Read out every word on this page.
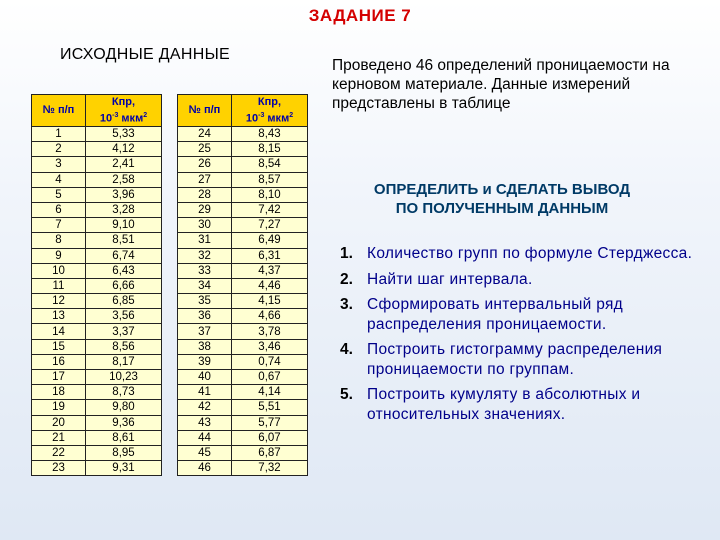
ЗАДАНИЕ 7
ИСХОДНЫЕ ДАННЫЕ
№ п/п	Кпр,
$10^{-3}$ мкм$^2$
1	5,33
2	4,12
3	2,41
4	2,58
5	3,96
6	3,28
7	9,10
8	8,51
9	6,74
10	6,43
11	6,66
12	6,85
13	3,56
14	3,37
15	8,56
16	8,17
17	10,23
18	8,73
19	9,80
20	9,36
21	8,61
22	8,95
23	9,31
№ п/п	Кпр,
$10^{-3}$ мкм$^2$
24	8,43
25	8,15
26	8,54
27	8,57
28	8,10
29	7,42
30	7,27
31	6,49
32	6,31
33	4,37
34	4,46
35	4,15
36	4,66
37	3,78
38	3,46
39	0,74
40	0,67
41	4,14
42	5,51
43	5,77
44	6,07
45	6,87
46	7,32
Проведено 46 определений проницаемости на керновом материале. Данные измерений представлены в таблице
ОПРЕДЕЛИТЬ и СДЕЛАТЬ ВЫВОД
ПО ПОЛУЧЕННЫМ ДАННЫМ
1. Количество групп по формуле Стерджесса.
2. Найти шаг интервала.
3. Сформировать интервальный ряд распределения проницаемости.
4. Построить гистограмму распределения проницаемости по группам.
5. Построить кумуляту в абсолютных и относительных значениях.
